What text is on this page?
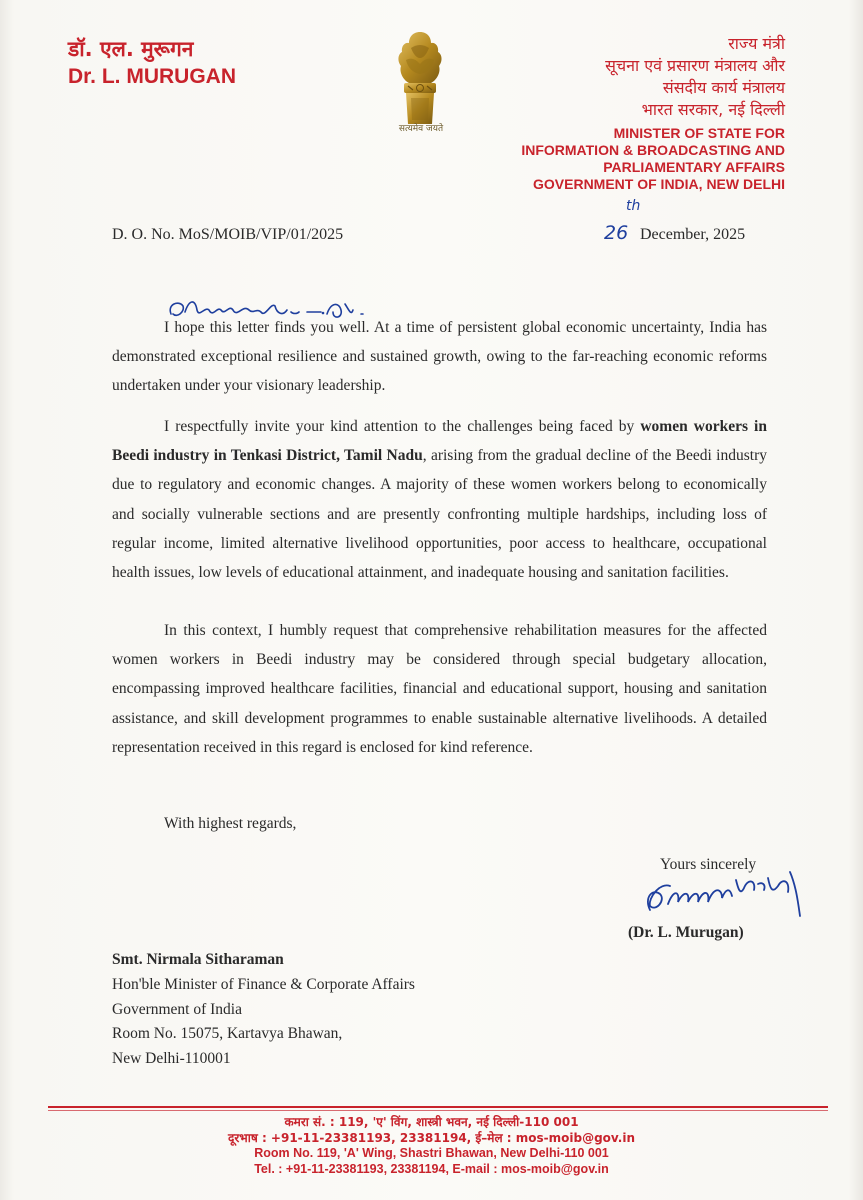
डॉ. एल. मुरूगन
Dr. L. MURUGAN
सत्यमेव जयते
राज्य मंत्री
सूचना एवं प्रसारण मंत्रालय और
संसदीय कार्य मंत्रालय
भारत सरकार, नई दिल्ली
MINISTER OF STATE FOR
INFORMATION & BROADCASTING AND
PARLIAMENTARY AFFAIRS
GOVERNMENT OF INDIA, NEW DELHI
D. O. No. MoS/MOIB/VIP/01/2025
th
26 December, 2025
I hope this letter finds you well. At a time of persistent global economic uncertainty, India has demonstrated exceptional resilience and sustained growth, owing to the far-reaching economic reforms undertaken under your visionary leadership.
I respectfully invite your kind attention to the challenges being faced by women workers in Beedi industry in Tenkasi District, Tamil Nadu, arising from the gradual decline of the Beedi industry due to regulatory and economic changes. A majority of these women workers belong to economically and socially vulnerable sections and are presently confronting multiple hardships, including loss of regular income, limited alternative livelihood opportunities, poor access to healthcare, occupational health issues, low levels of educational attainment, and inadequate housing and sanitation facilities.
In this context, I humbly request that comprehensive rehabilitation measures for the affected women workers in Beedi industry may be considered through special budgetary allocation, encompassing improved healthcare facilities, financial and educational support, housing and sanitation assistance, and skill development programmes to enable sustainable alternative livelihoods. A detailed representation received in this regard is enclosed for kind reference.
With highest regards,
Yours sincerely
(Dr. L. Murugan)
Smt. Nirmala Sitharaman
Hon'ble Minister of Finance & Corporate Affairs
Government of India
Room No. 15075, Kartavya Bhawan,
New Delhi-110001
कमरा सं. : 119, 'ए' विंग, शास्त्री भवन, नई दिल्ली-110 001
दूरभाष : +91-11-23381193, 23381194, ई–मेल : mos-moib@gov.in
Room No. 119, 'A' Wing, Shastri Bhawan, New Delhi-110 001
Tel. : +91-11-23381193, 23381194, E-mail : mos-moib@gov.in
